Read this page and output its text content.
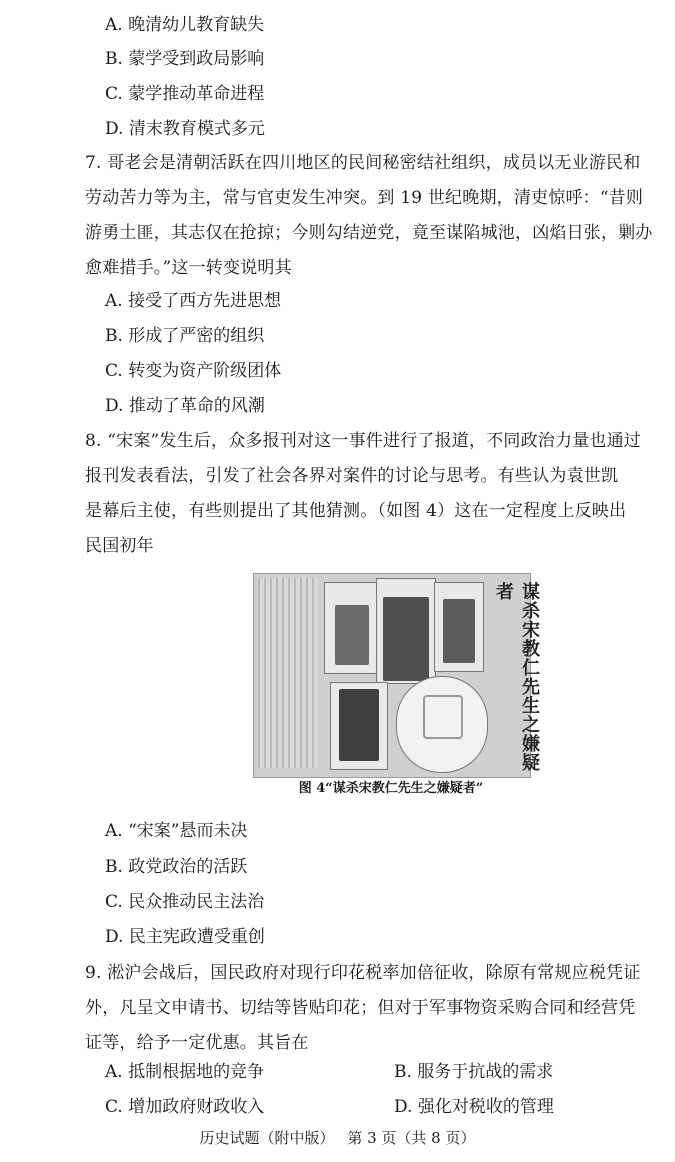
A. 晚清幼儿教育缺失
B. 蒙学受到政局影响
C. 蒙学推动革命进程
D. 清末教育模式多元
7. 哥老会是清朝活跃在四川地区的民间秘密结社组织，成员以无业游民和
劳动苦力等为主，常与官吏发生冲突。到 19 世纪晚期，清吏惊呼：“昔则
游勇土匪，其志仅在抢掠；今则勾结逆党，竟至谋陷城池，凶焰日张，剿办
愈难措手。”这一转变说明其
A. 接受了西方先进思想
B. 形成了严密的组织
C. 转变为资产阶级团体
D. 推动了革命的风潮
8. “宋案”发生后，众多报刊对这一事件进行了报道，不同政治力量也通过
报刊发表看法，引发了社会各界对案件的讨论与思考。有些认为袁世凯
是幕后主使，有些则提出了其他猜测。（如图 4）这在一定程度上反映出
民国初年
谋杀宋教仁先生之嫌疑者
图 4“谋杀宋教仁先生之嫌疑者”
A. “宋案”悬而未决
B. 政党政治的活跃
C. 民众推动民主法治
D. 民主宪政遭受重创
9. 淞沪会战后，国民政府对现行印花税率加倍征收，除原有常规应税凭证
外，凡呈文申请书、切结等皆贴印花；但对于军事物资采购合同和经营凭
证等，给予一定优惠。其旨在
A. 抵制根据地的竞争	B. 服务于抗战的需求
C. 增加政府财政收入	D. 强化对税收的管理
历史试题（附中版） 第 3 页（共 8 页）
